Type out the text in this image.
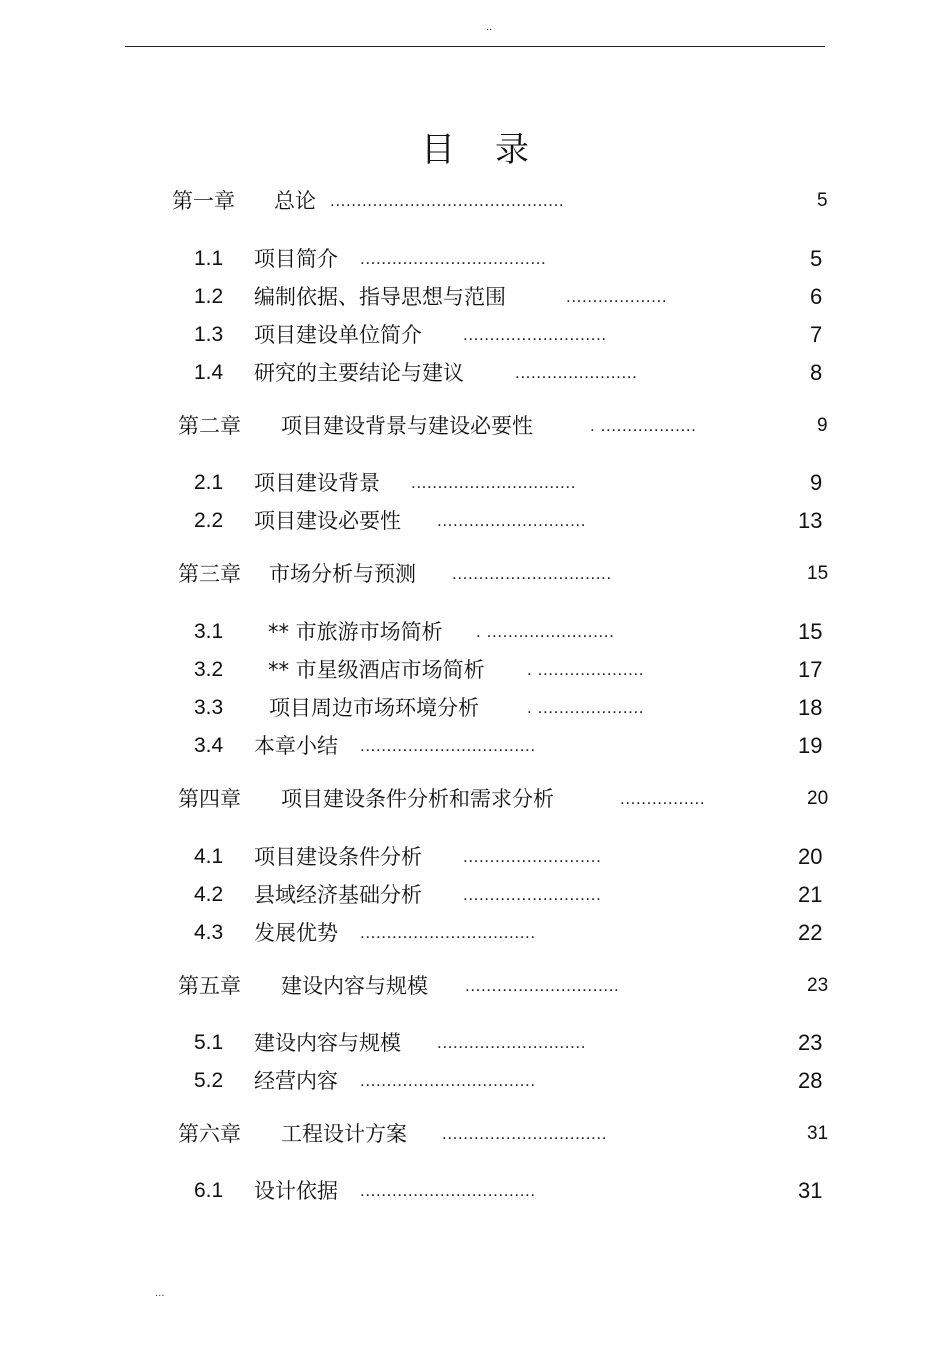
..
目录
第一章 总论 ............................................	5
1.1 项目简介 ...................................	5
1.2 编制依据、指导思想与范围	...................	6
1.3 项目建设单位简介 ...........................	7
1.4 研究的主要结论与建议	.......................	8
第二章 项目建设背景与建设必要性	. ..................	9
2.1 项目建设背景 ...............................	9
2.2 项目建设必要性 ............................	13
第三章 市场分析与预测 ..............................	15
3.1 ** 市旅游市场简析 . ........................	15
3.2 ** 市星级酒店市场简析 . ....................	17
3.3 项目周边市场环境分析	. ....................	18
3.4 本章小结 .................................	19
第四章 项目建设条件分析和需求分析	................	20
4.1 项目建设条件分析 ..........................	20
4.2 县域经济基础分析 ..........................	21
4.3 发展优势 .................................	22
第五章 建设内容与规模 .............................	23
5.1 建设内容与规模 ............................	23
5.2 经营内容 .................................	28
第六章 工程设计方案 ...............................	31
6.1 设计依据 .................................	31
...
